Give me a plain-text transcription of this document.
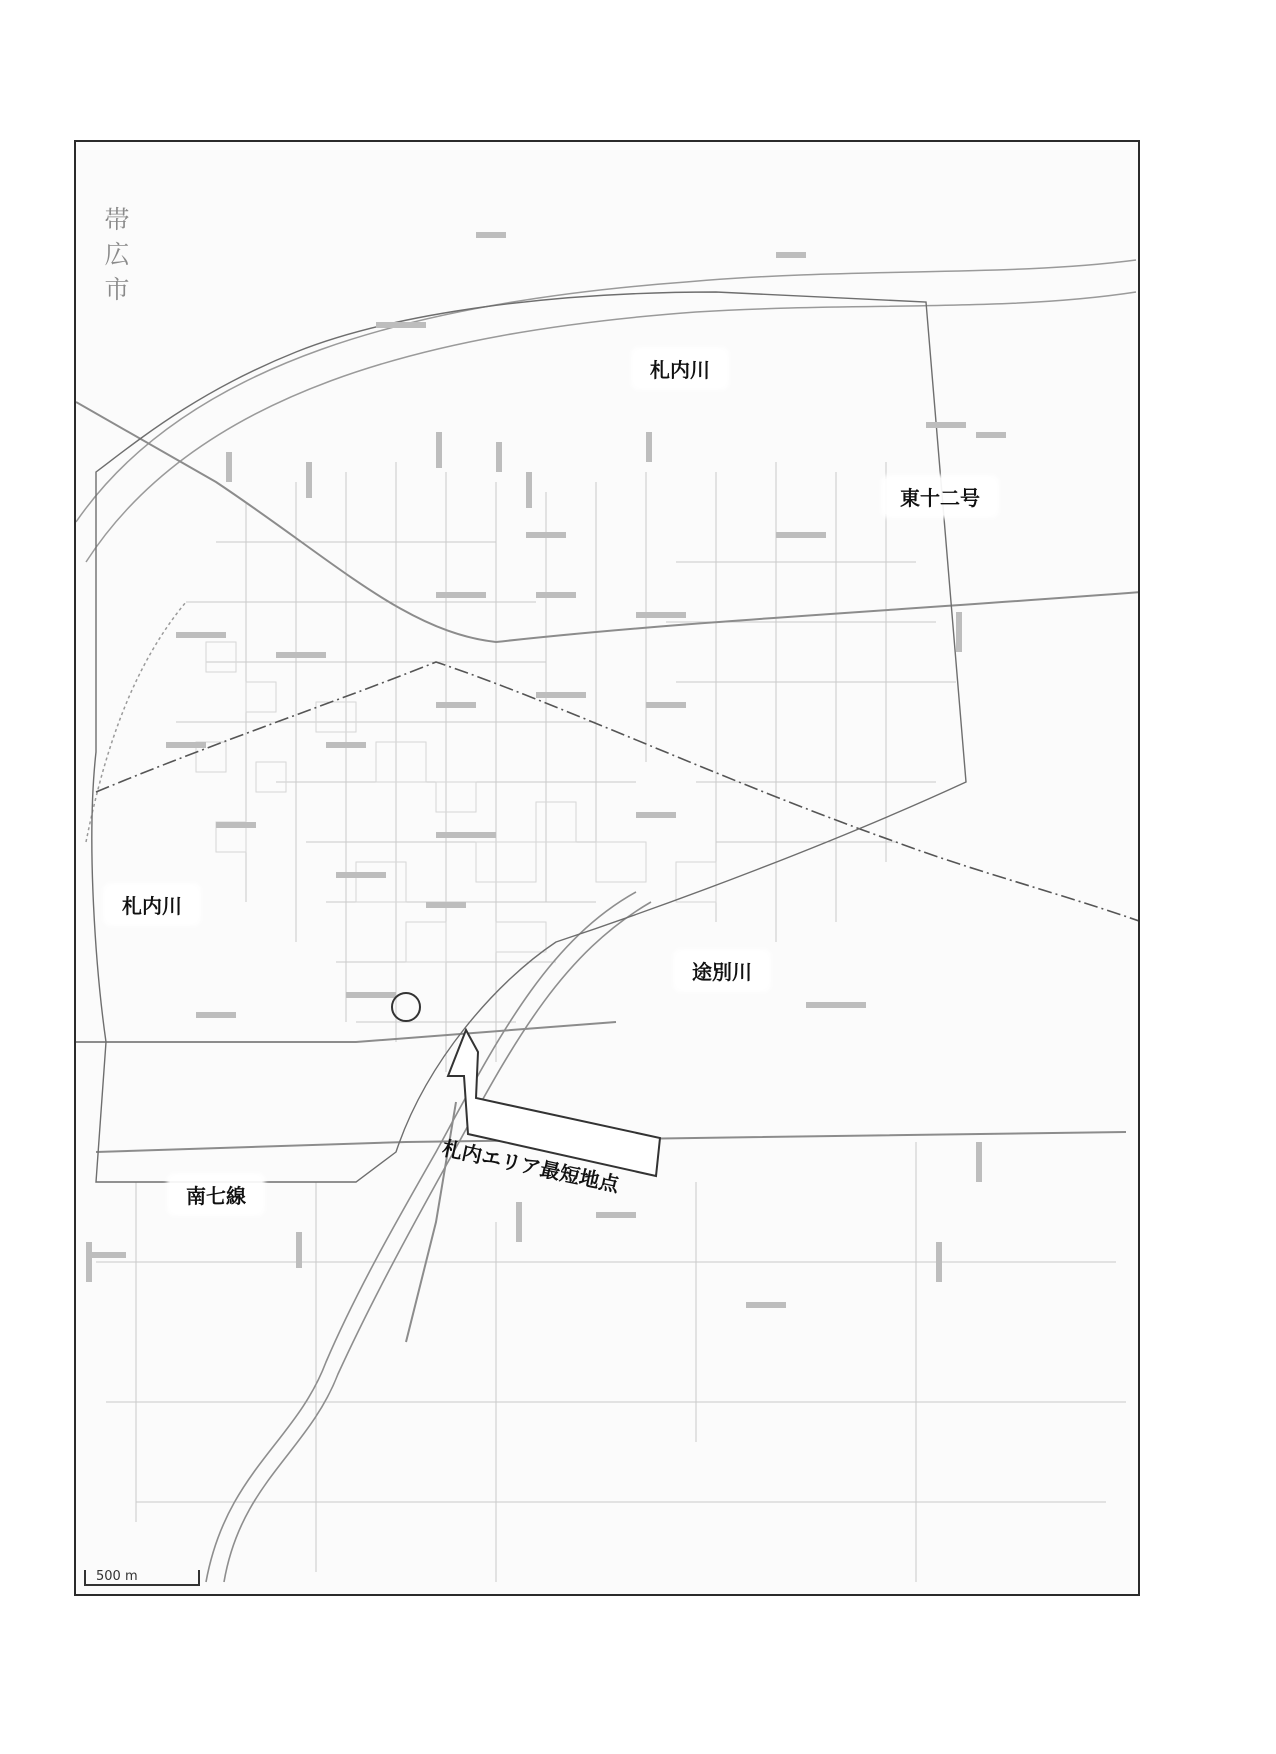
帯
広
市
札内川
東十二号
札内川
途別川
南七線	札内エリア最短地点
500 m
